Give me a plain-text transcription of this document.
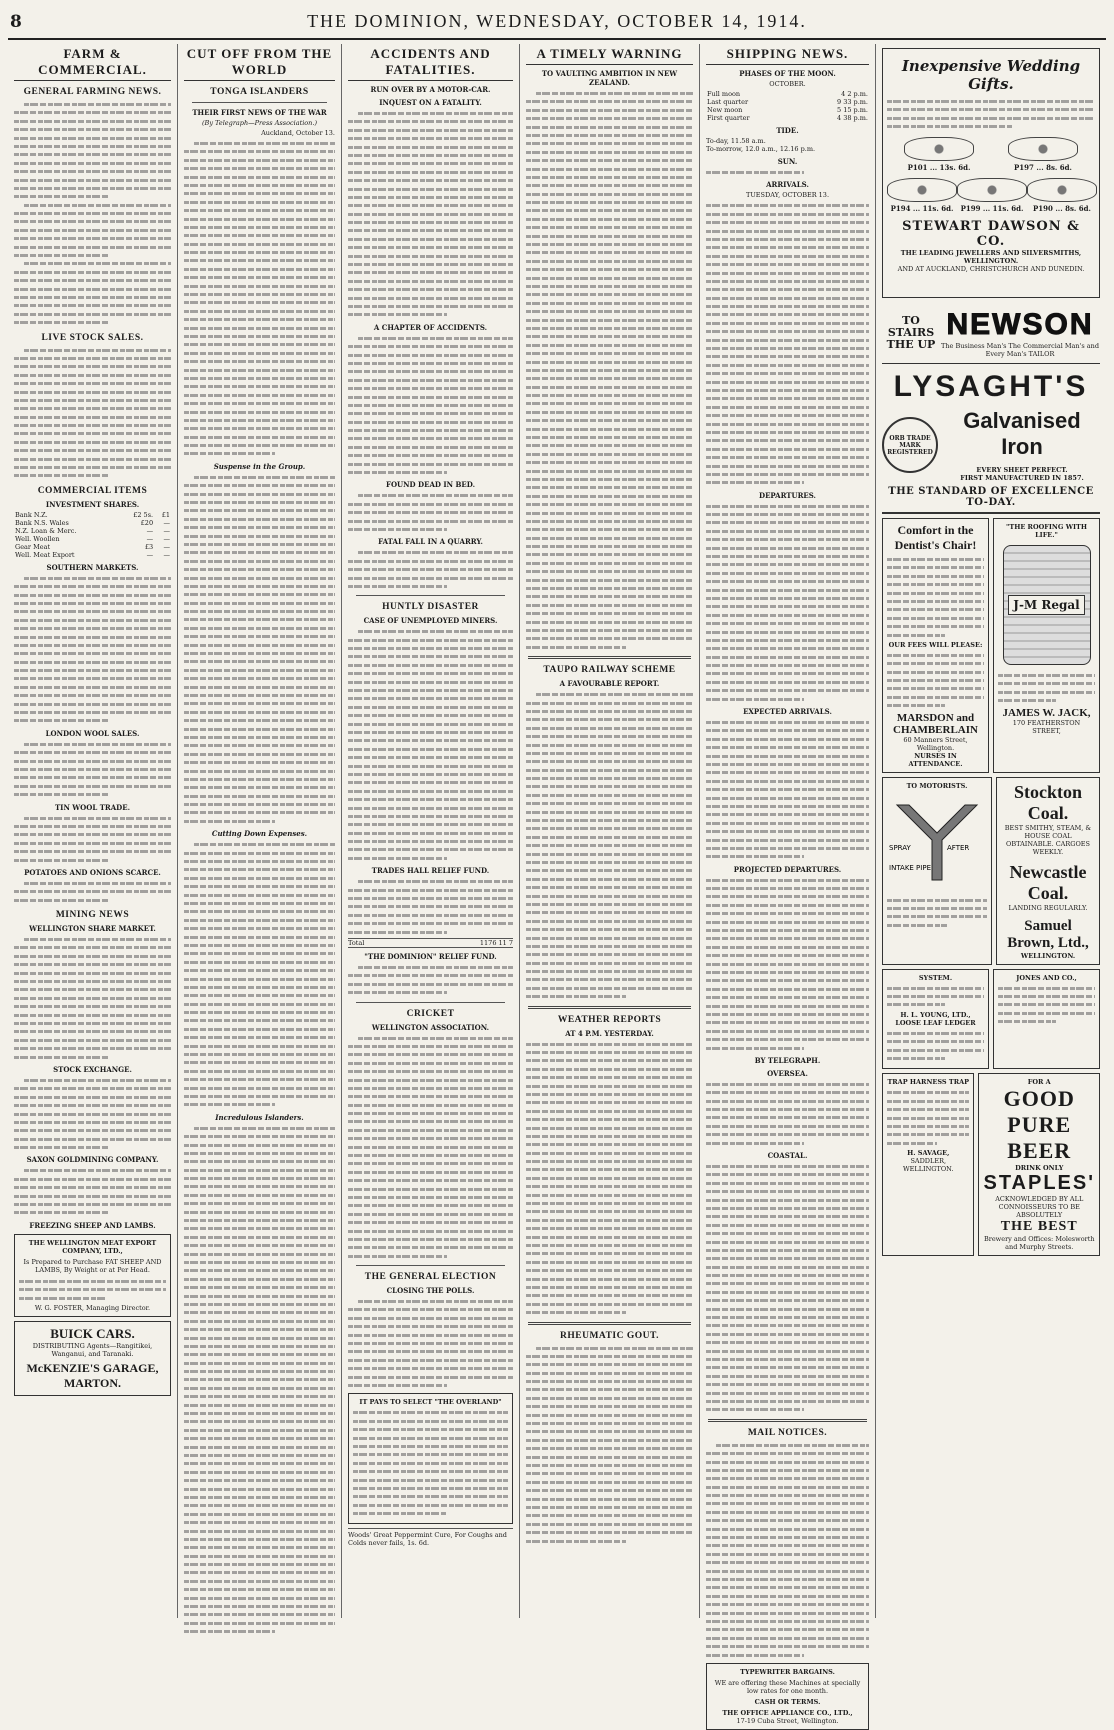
8	THE DOMINION, WEDNESDAY, OCTOBER 14, 1914.
FARM & COMMERCIAL.
GENERAL FARMING NEWS.
LIVE STOCK SALES.
COMMERCIAL ITEMS
INVESTMENT SHARES.
Bank N.Z.	£2 5s.	£1
Bank N.S. Wales	£20	—
N.Z. Loan & Merc.	—	—
Well. Woollen	—	—
Gear Meat	£3	—
Well. Meat Export	—	—
SOUTHERN MARKETS.
LONDON WOOL SALES.
TIN WOOL TRADE.
POTATOES AND ONIONS SCARCE.
MINING NEWS
WELLINGTON SHARE MARKET.
STOCK EXCHANGE.
SAXON GOLDMINING COMPANY.
FREEZING SHEEP AND LAMBS.
THE WELLINGTON MEAT EXPORT COMPANY, LTD.,
Is Prepared to Purchase FAT SHEEP AND LAMBS, By Weight or at Per Head.
W. G. FOSTER, Managing Director.
BUICK CARS.
DISTRIBUTING Agents—Rangitikei, Wanganui, and Taranaki.
McKENZIE'S GARAGE, MARTON.
CUT OFF FROM THE WORLD
TONGA ISLANDERS
THEIR FIRST NEWS OF THE WAR
(By Telegraph—Press Association.)
Auckland, October 13.
Suspense in the Group.
Cutting Down Expenses.
Incredulous Islanders.
ACCIDENTS AND FATALITIES.
RUN OVER BY A MOTOR-CAR.
INQUEST ON A FATALITY.
A CHAPTER OF ACCIDENTS.
FOUND DEAD IN BED.
FATAL FALL IN A QUARRY.
HUNTLY DISASTER
CASE OF UNEMPLOYED MINERS.
TRADES HALL RELIEF FUND.
Total	1176 11 7
"THE DOMINION" RELIEF FUND.
CRICKET
WELLINGTON ASSOCIATION.
THE GENERAL ELECTION
CLOSING THE POLLS.
IT PAYS TO SELECT "THE OVERLAND"
Woods' Great Peppermint Cure, For Coughs and Colds never fails, 1s. 6d.
A TIMELY WARNING
TO VAULTING AMBITION IN NEW ZEALAND.
TAUPO RAILWAY SCHEME
A FAVOURABLE REPORT.
WEATHER REPORTS
AT 4 P.M. YESTERDAY.
RHEUMATIC GOUT.
SHIPPING NEWS.
PHASES OF THE MOON.
OCTOBER.
Full moon	4 2 p.m.
Last quarter	9 33 p.m.
New moon	5 15 p.m.
First quarter	4 38 p.m.
TIDE.
To-day, 11.58 a.m.
To-morrow, 12.0 a.m., 12.16 p.m.
SUN.
ARRIVALS.
TUESDAY, OCTOBER 13.
DEPARTURES.
EXPECTED ARRIVALS.
PROJECTED DEPARTURES.
BY TELEGRAPH.
OVERSEA.
COASTAL.
MAIL NOTICES.
TYPEWRITER BARGAINS.
WE are offering these Machines at specially low rates for one month.
CASH OR TERMS.
THE OFFICE APPLIANCE CO., LTD.,
17-19 Cuba Street, Wellington.
Inexpensive Wedding Gifts.
P101 ... 13s. 6d.	P197 ... 8s. 6d.
P194 ... 11s. 6d.	P199 ... 11s. 6d.	P190 ... 8s. 6d.
STEWART DAWSON & CO.
THE LEADING JEWELLERS AND SILVERSMITHS,
WELLINGTON.
AND AT AUCKLAND, CHRISTCHURCH AND DUNEDIN.
TO STAIRS THE UP
NEWSON
The Business Man's The Commercial Man's and Every Man's TAILOR
LYSAGHT'S
ORB TRADE MARK REGISTERED
Galvanised Iron
EVERY SHEET PERFECT.
FIRST MANUFACTURED IN 1857.
THE STANDARD OF EXCELLENCE TO-DAY.
Comfort in the Dentist's Chair!
OUR FEES WILL PLEASE:
MARSDON and CHAMBERLAIN
60 Manners Street, Wellington.
NURSES IN ATTENDANCE.
"THE ROOFING WITH LIFE."
J-M Regal
JAMES W. JACK,
170 FEATHERSTON STREET,
TO MOTORISTS.
SPRAY	AFTER
INTAKE PIPE
Stockton Coal.
BEST SMITHY, STEAM, & HOUSE COAL OBTAINABLE. CARGOES WEEKLY.
Newcastle Coal.
LANDING REGULARLY.
Samuel Brown, Ltd.,
WELLINGTON.
SYSTEM.
H. L. YOUNG, LTD.,
LOOSE LEAF LEDGER
JONES AND CO.,
TRAP HARNESS TRAP
H. SAVAGE,
SADDLER, WELLINGTON.
FOR A
GOOD PURE BEER
DRINK ONLY
STAPLES'
ACKNOWLEDGED BY ALL CONNOISSEURS TO BE ABSOLUTELY
THE BEST
Brewery and Offices: Molesworth and Murphy Streets.
